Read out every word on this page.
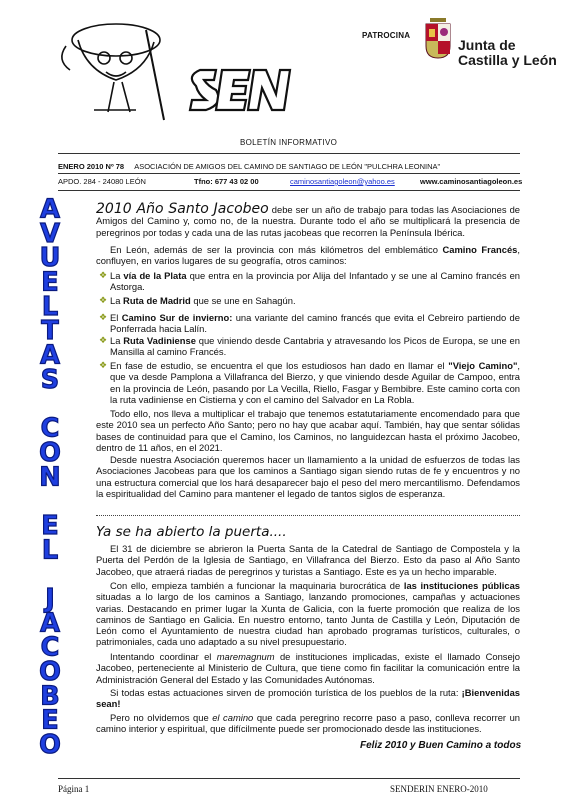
PATROCINA
Junta de
Castilla y León
BOLETÍN INFORMATIVO
ENERO 2010 Nº 78 ASOCIACIÓN DE AMIGOS DEL CAMINO DE SANTIAGO DE LEÓN "PULCHRA LEONINA"
APDO. 284 - 24080 LEÓN	Tfno: 677 43 02 00	caminosantiagoleon@yahoo.es	www.caminosantiagoleon.es
A
V
U
E
L
T
A
S
C
O
N
E
L
J
A
C
O
B
E
O
2010 Año Santo Jacobeo debe ser un año de trabajo para todas las Asociaciones de Amigos del Camino y, como no, de la nuestra. Durante todo el año se multiplicará la presencia de peregrinos por todas y cada una de las rutas jacobeas que recorren la Península Ibérica.
En León, además de ser la provincia con más kilómetros del emblemático Camino Francés, confluyen, en varios lugares de su geografía, otros caminos:
❖ La vía de la Plata que entra en la provincia por Alija del Infantado y se une al Camino francés en Astorga.
❖ La Ruta de Madrid que se une en Sahagún.
❖ El Camino Sur de invierno: una variante del camino francés que evita el Cebreiro partiendo de Ponferrada hacia Lalín.
❖ La Ruta Vadiniense que viniendo desde Cantabria y atravesando los Picos de Europa, se une en Mansilla al camino Francés.
❖ En fase de estudio, se encuentra el que los estudiosos han dado en llamar el "Viejo Camino", que va desde Pamplona a Villafranca del Bierzo, y que viniendo desde Aguilar de Campoo, entra en la provincia de León, pasando por La Vecilla, Riello, Fasgar y Bembibre. Este camino corta con la ruta vadiniense en Cistierna y con el camino del Salvador en La Robla.
Todo ello, nos lleva a multiplicar el trabajo que tenemos estatutariamente encomendado para que este 2010 sea un perfecto Año Santo; pero no hay que acabar aquí. También, hay que sentar sólidas bases de continuidad para que el Camino, los Caminos, no languidezcan hasta el próximo Jacobeo, dentro de 11 años, en el 2021.
Desde nuestra Asociación queremos hacer un llamamiento a la unidad de esfuerzos de todas las Asociaciones Jacobeas para que los caminos a Santiago sigan siendo rutas de fe y encuentros y no una estructura comercial que los hará desaparecer bajo el peso del mero mercantilismo. Defendamos la espiritualidad del Camino para mantener el legado de tantos siglos de esperanza.
Ya se ha abierto la puerta....
El 31 de diciembre se abrieron la Puerta Santa de la Catedral de Santiago de Compostela y la Puerta del Perdón de la Iglesia de Santiago, en Villafranca del Bierzo. Esto da paso al Año Santo Jacobeo, que atraerá riadas de peregrinos y turistas a Santiago. Este es ya un hecho imparable.
Con ello, empieza también a funcionar la maquinaria burocrática de las instituciones públicas situadas a lo largo de los caminos a Santiago, lanzando promociones, campañas y actuaciones varias. Destacando en primer lugar la Xunta de Galicia, con la fuerte promoción que realiza de los caminos de Santiago en Galicia. En nuestro entorno, tanto Junta de Castilla y León, Diputación de León como el Ayuntamiento de nuestra ciudad han aprobado programas turísticos, culturales, o patrimoniales, cada uno adaptado a su nivel presupuestario.
Intentando coordinar el maremagnum de instituciones implicadas, existe el llamado Consejo Jacobeo, perteneciente al Ministerio de Cultura, que tiene como fin facilitar la comunicación entre la Administración General del Estado y las Comunidades Autónomas.
Si todas estas actuaciones sirven de promoción turística de los pueblos de la ruta: ¡Bienvenidas sean!
Pero no olvidemos que el camino que cada peregrino recorre paso a paso, conlleva recorrer un camino interior y espiritual, que difícilmente puede ser promocionado desde las instituciones.
Feliz 2010 y Buen Camino a todos
Página 1	SENDERIN ENERO-2010
